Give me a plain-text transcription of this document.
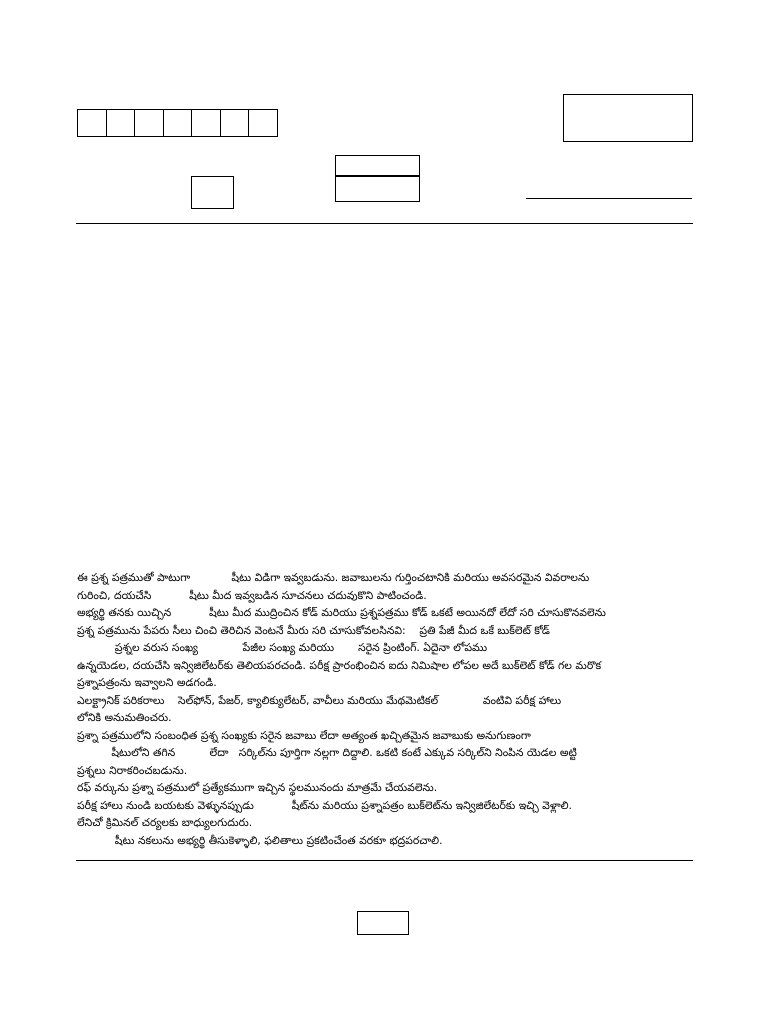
ఈ ప్రశ్న పత్రముతో పాటుగా            షీటు విడిగా ఇవ్వబడును. జవాబులను గుర్తించటానికి మరియు అవసరమైన వివరాలను
గురించి, దయచేసి           షీటు మీద ఇవ్వబడిన సూచనలు చదువుకొని పాటించండి.
అభ్యర్థి తనకు యిచ్చిన           షీటు మీద ముద్రించిన కోడ్ మరియు ప్రశ్నపత్రము కోడ్ ఒకటే అయినదో లేదో సరి చూసుకొనవలెను
ప్రశ్న పత్రమును పేపరు సీలు చించి తెరిచిన వెంటనే మీరు సరి చూసుకోవలసినవి:    ప్రతి పేజీ మీద ఒకే బుక్‌లెట్ కోడ్
ప్రశ్నల వరుస సంఖ్య             పేజీల సంఖ్య మరియు       సరైన ప్రింటింగ్. ఏదైనా లోపము
ఉన్నయెడల, దయచేసి ఇన్విజిలేటర్‌కు తెలియపరచండి. పరీక్ష ప్రారంభించిన ఐదు నిమిషాల లోపల అదే బుక్‌లెట్ కోడ్ గల మరొక
ప్రశ్నాపత్రంను ఇవ్వాలని అడగండి.
ఎలక్ట్రానిక్ పరికరాలు    సెల్‌ఫోన్, పేజర్, క్యాలిక్యులేటర్, వాచీలు మరియు మేథమెటికల్             వంటివి పరీక్ష హాలు
లోనికి అనుమతించరు.
ప్రశ్నా పత్రములోని సంబంధిత ప్రశ్న సంఖ్యకు సరైన జవాబు లేదా అత్యంత ఖచ్చితమైన జవాబుకు అనుగుణంగా
షీటులోని తగిన          లేదా   సర్కిల్‌ను పూర్తిగా నల్లగా దిద్దాలి. ఒకటి కంటే ఎక్కువ సర్కిల్‌ని నింపిన యెడల అట్టి
ప్రశ్నలు నిరాకరించబడును.
రఫ్ వర్కును ప్రశ్నా పత్రములో ప్రత్యేకముగా ఇచ్చిన స్థలమునందు మాత్రమే చేయవలెను.
పరీక్ష హాలు నుండి బయటకు వెళ్ళునప్పుడు           షీట్‌ను మరియు ప్రశ్నాపత్రం బుక్‌లెట్‌ను ఇన్విజిలేటర్‌కు ఇచ్చి వెళ్లాలి.
లేనిచో క్రిమినల్ చర్యలకు బాధ్యులగుదురు.
షీటు నకలును అభ్యర్థి తీసుకెళ్ళాలి, ఫలితాలు ప్రకటించేంత వరకూ భద్రపరచాలి.
